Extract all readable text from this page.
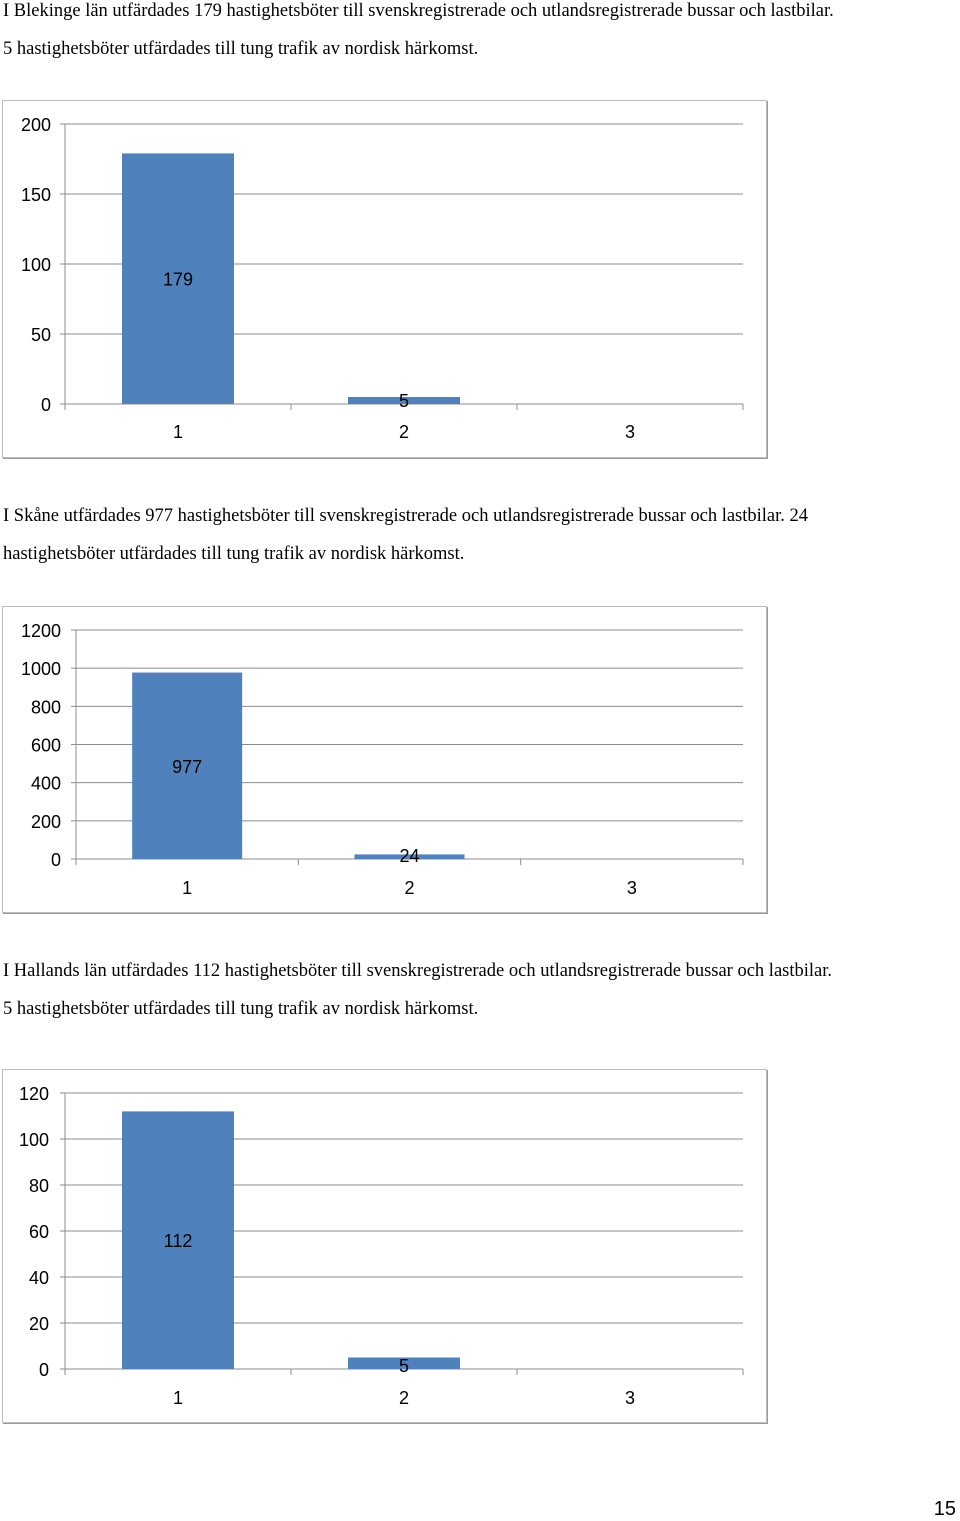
I Blekinge län utfärdades 179 hastighetsböter till svenskregistrerade och utlandsregistrerade bussar och lastbilar.
5 hastighetsböter utfärdades till tung trafik av nordisk härkomst.

0
50
100
150
200
179
1
5
2	3

I Skåne utfärdades 977 hastighetsböter till svenskregistrerade och utlandsregistrerade bussar och lastbilar. 24
hastighetsböter utfärdades till tung trafik av nordisk härkomst.

0
200
400
600
800
1000
1200
977
1
24
2	3

I Hallands län utfärdades 112 hastighetsböter till svenskregistrerade och utlandsregistrerade bussar och lastbilar.
5 hastighetsböter utfärdades till tung trafik av nordisk härkomst.

0
20
40
60
80
100
120
112
1
5
2	3
15
